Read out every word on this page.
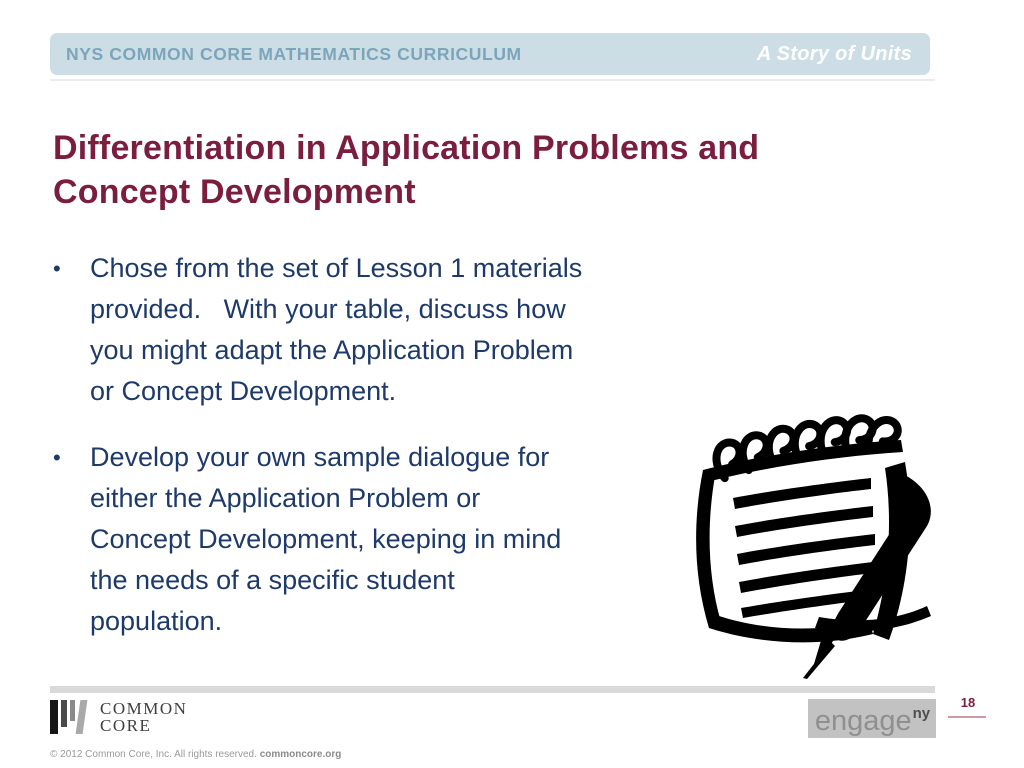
NYS COMMON CORE MATHEMATICS CURRICULUM	A Story of Units
Differentiation in Application Problems and
Concept Development
•	Chose from the set of Lesson 1 materials
provided.   With your table, discuss how
you might adapt the Application Problem
or Concept Development.
•	Develop your own sample dialogue for
either the Application Problem or
Concept Development, keeping in mind
the needs of a specific student
population.
COMMON
CORE
© 2012 Common Core, Inc. All rights reserved. commoncore.org
engage ny
18
